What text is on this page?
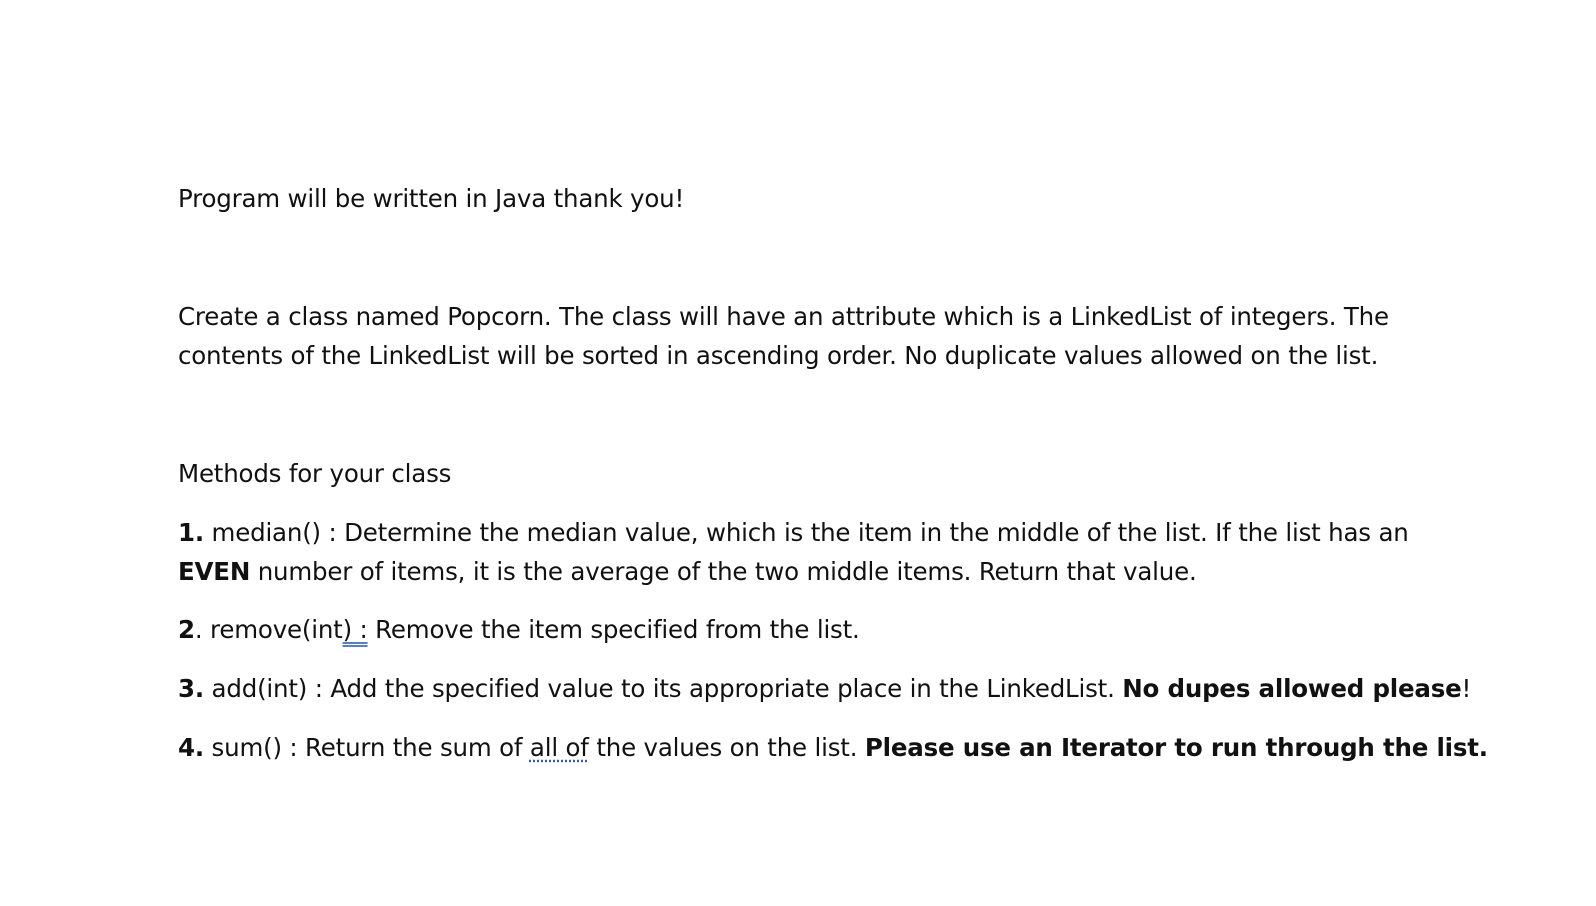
Program will be written in Java thank you!
Create a class named Popcorn. The class will have an attribute which is a LinkedList of integers. The
contents of the LinkedList will be sorted in ascending order. No duplicate values allowed on the list.
Methods for your class
1. median() : Determine the median value, which is the item in the middle of the list. If the list has an
EVEN number of items, it is the average of the two middle items. Return that value.
2. remove(int) : Remove the item specified from the list.
3. add(int) : Add the specified value to its appropriate place in the LinkedList. No dupes allowed please!
4. sum() : Return the sum of all of the values on the list. Please use an Iterator to run through the list.
